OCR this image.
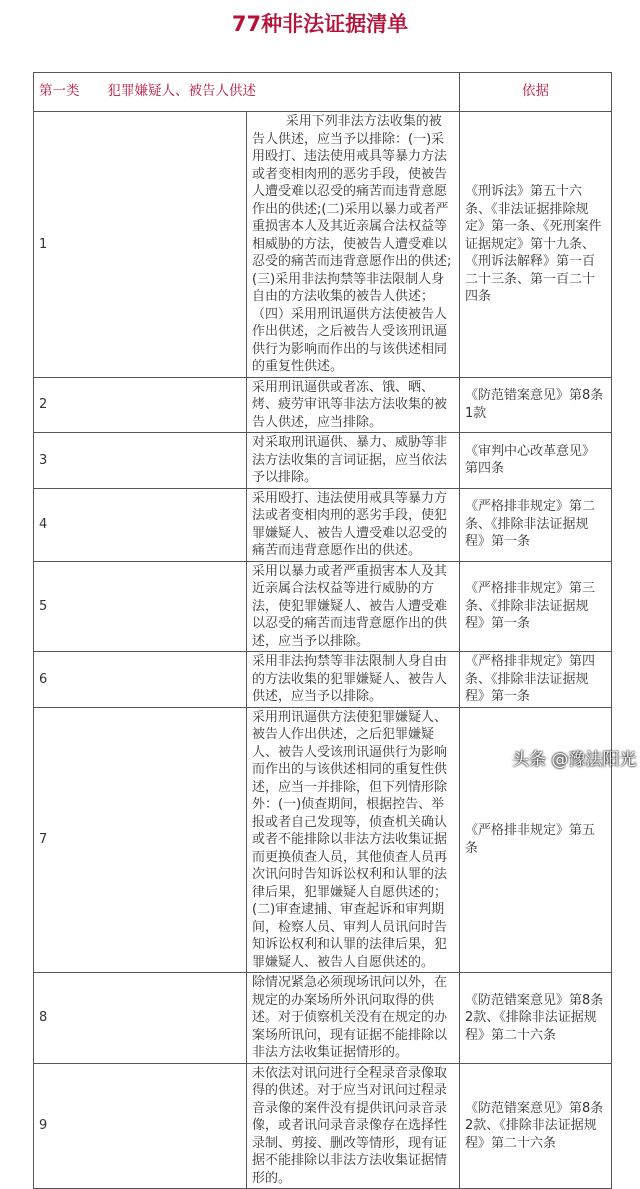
77种非法证据清单
第一类 犯罪嫌疑人、被告人供述		依据
1	采用下列非法方法收集的被告人供述，应当予以排除：(一)采用殴打、违法使用戒具等暴力方法或者变相肉刑的恶劣手段，使被告人遭受难以忍受的痛苦而违背意愿作出的供述;(二)采用以暴力或者严重损害本人及其近亲属合法权益等相威胁的方法，使被告人遭受难以忍受的痛苦而违背意愿作出的供述;(三)采用非法拘禁等非法限制人身自由的方法收集的被告人供述；（四）采用刑讯逼供方法使被告人作出供述，之后被告人受该刑讯逼供行为影响而作出的与该供述相同的重复性供述。	《刑诉法》第五十六条、《非法证据排除规定》第一条、《死刑案件证据规定》第十九条、《刑诉法解释》第一百二十三条、第一百二十四条
2	采用刑讯逼供或者冻、饿、晒、烤、疲劳审讯等非法方法收集的被告人供述，应当排除。	《防范错案意见》第8条1款
3	对采取刑讯逼供、暴力、威胁等非法方法收集的言词证据，应当依法予以排除。	《审判中心改革意见》第四条
4	采用殴打、违法使用戒具等暴力方法或者变相肉刑的恶劣手段，使犯罪嫌疑人、被告人遭受难以忍受的痛苦而违背意愿作出的供述。	《严格排非规定》第二条、《排除非法证据规程》第一条
5	采用以暴力或者严重损害本人及其近亲属合法权益等进行威胁的方法，使犯罪嫌疑人、被告人遭受难以忍受的痛苦而违背意愿作出的供述，应当予以排除。	《严格排非规定》第三条、《排除非法证据规程》第一条
6	采用非法拘禁等非法限制人身自由的方法收集的犯罪嫌疑人、被告人供述，应当予以排除。	《严格排非规定》第四条、《排除非法证据规程》第一条
7	采用刑讯逼供方法使犯罪嫌疑人、被告人作出供述，之后犯罪嫌疑人、被告人受该刑讯逼供行为影响而作出的与该供述相同的重复性供述，应当一并排除，但下列情形除外：(一)侦查期间，根据控告、举报或者自己发现等，侦查机关确认或者不能排除以非法方法收集证据而更换侦查人员，其他侦查人员再次讯问时告知诉讼权利和认罪的法律后果，犯罪嫌疑人自愿供述的；(二)审查逮捕、审查起诉和审判期间，检察人员、审判人员讯问时告知诉讼权利和认罪的法律后果，犯罪嫌疑人、被告人自愿供述的。	《严格排非规定》第五条
8	除情况紧急必须现场讯问以外，在规定的办案场所外讯问取得的供述。对于侦察机关没有在规定的办案场所讯问，现有证据不能排除以非法方法收集证据情形的。	《防范错案意见》第8条2款、《排除非法证据规程》第二十六条
9	未依法对讯问进行全程录音录像取得的供述。对于应当对讯问过程录音录像的案件没有提供讯问录音录像，或者讯问录音录像存在选择性录制、剪接、删改等情形，现有证据不能排除以非法方法收集证据情形的。	《防范错案意见》第8条2款、《排除非法证据规程》第二十六条
头条 @豫法阳光
